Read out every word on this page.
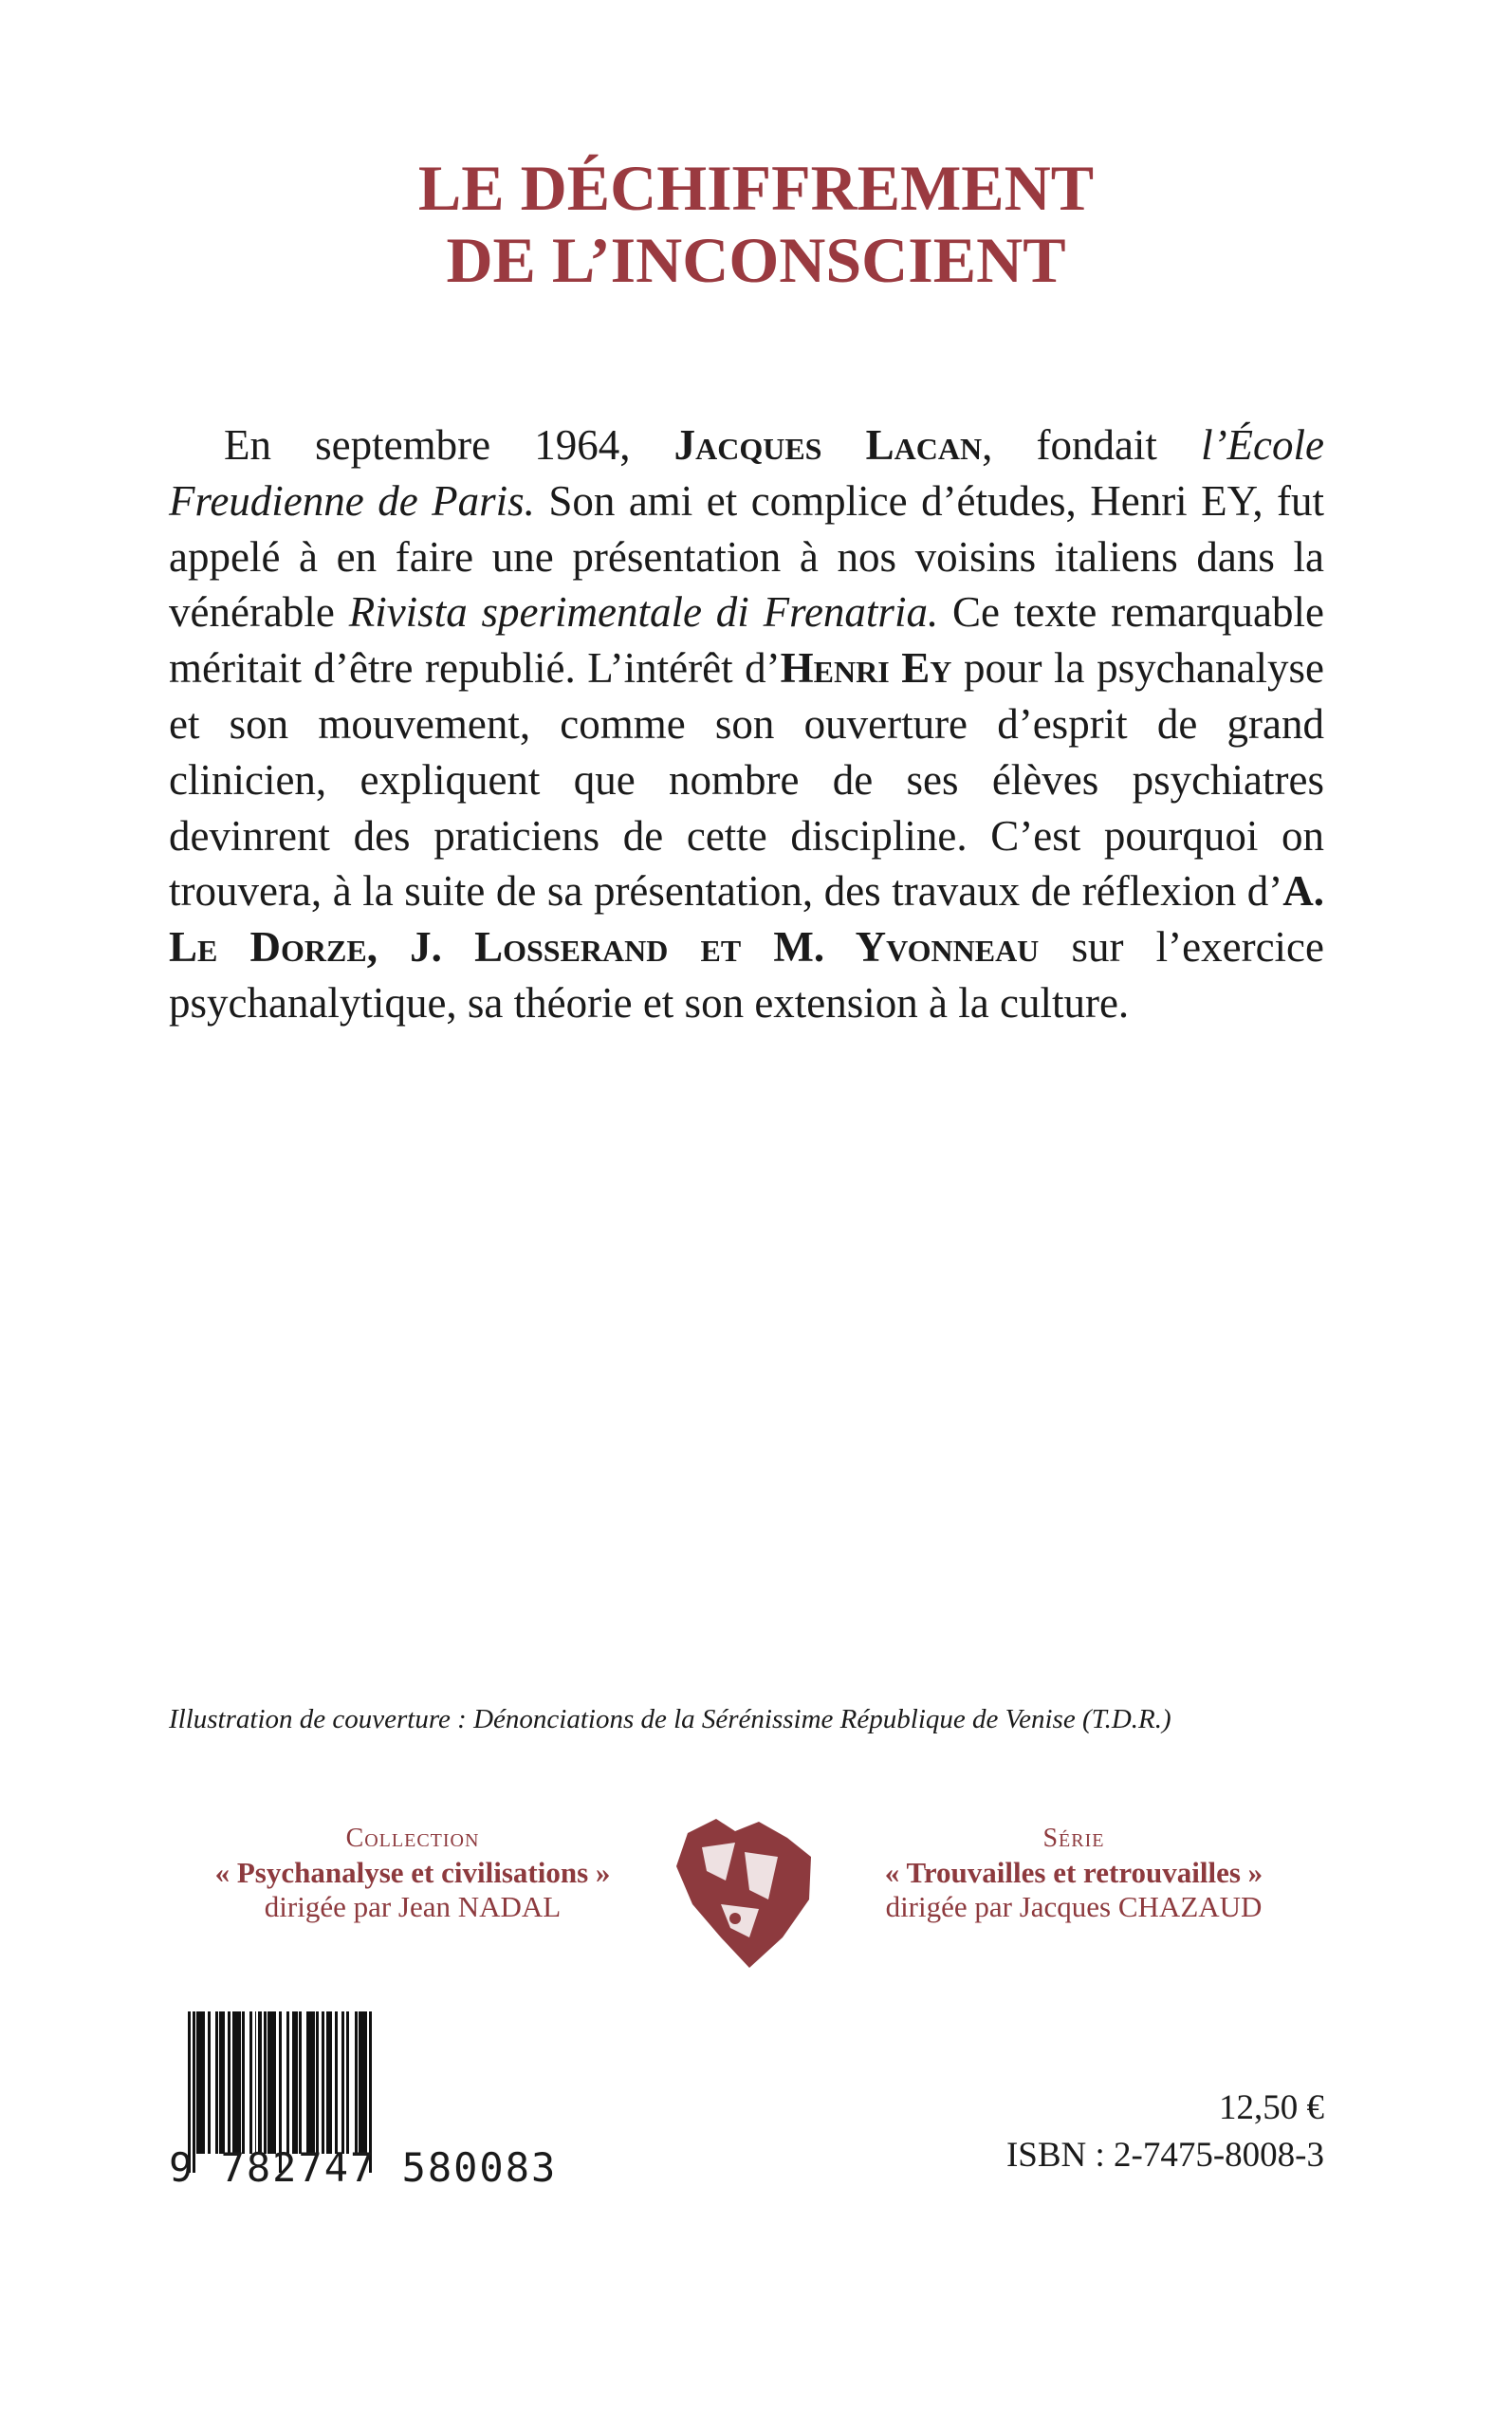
LE DÉCHIFFREMENT
DE L’INCONSCIENT
En septembre 1964, Jacques Lacan, fondait l’École Freudienne de Paris. Son ami et complice d’études, Henri EY, fut appelé à en faire une présentation à nos voisins italiens dans la vénérable Rivista sperimentale di Frenatria. Ce texte remarquable méritait d’être republié. L’intérêt d’Henri Ey pour la psychanalyse et son mouvement, comme son ouverture d’esprit de grand clinicien, expliquent que nombre de ses élèves psychiatres devinrent des praticiens de cette discipline. C’est pourquoi on trouvera, à la suite de sa présentation, des travaux de réflexion d’A. Le Dorze, J. Losserand et M. Yvonneau sur l’exercice psychanalytique, sa théorie et son extension à la culture.
Illustration de couverture : Dénonciations de la Sérénissime République de Venise (T.D.R.)
Collection
« Psychanalyse et civilisations »
dirigée par Jean NADAL
Série
« Trouvailles et retrouvailles »
dirigée par Jacques CHAZAUD
9 782747 580083
12,50 €
ISBN : 2-7475-8008-3
